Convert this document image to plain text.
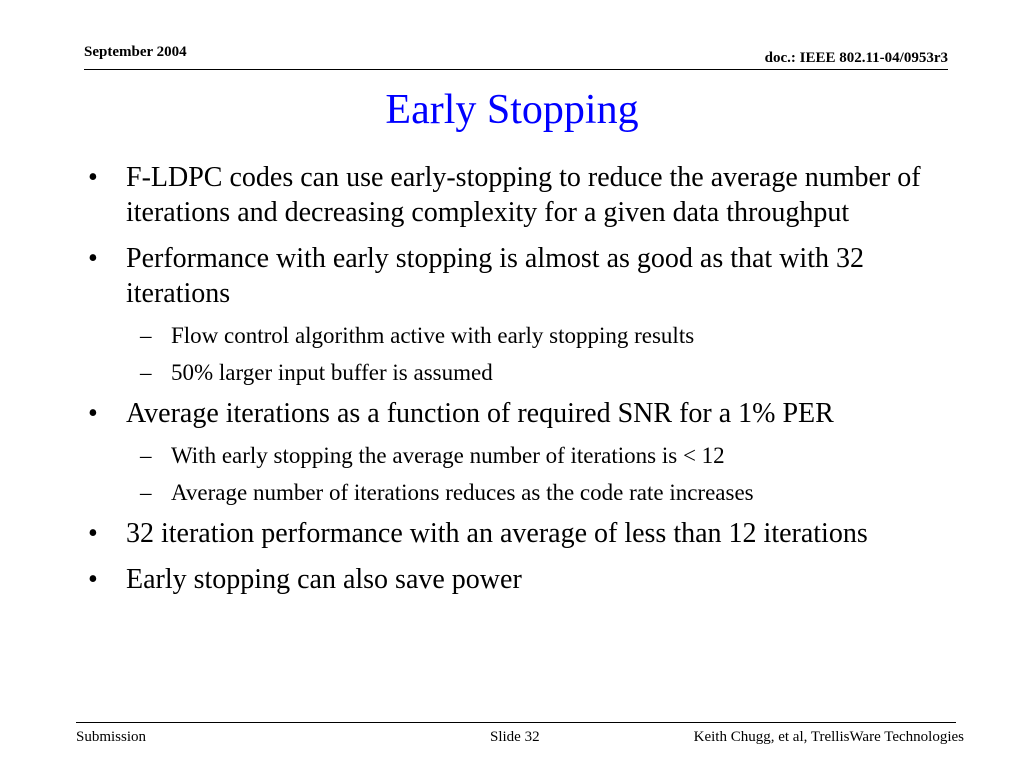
September 2004	doc.: IEEE 802.11-04/0953r3
Early Stopping
• F-LDPC codes can use early-stopping to reduce the average number of iterations and decreasing complexity for a given data throughput
• Performance with early stopping is almost as good as that with 32 iterations
– Flow control algorithm active with early stopping results
– 50% larger input buffer is assumed
• Average iterations as a function of required SNR for a 1% PER
– With early stopping the average number of iterations is < 12
– Average number of iterations reduces as the code rate increases
• 32 iteration performance with an average of less than 12 iterations
• Early stopping can also save power
Submission	Slide 32	Keith Chugg, et al, TrellisWare Technologies
